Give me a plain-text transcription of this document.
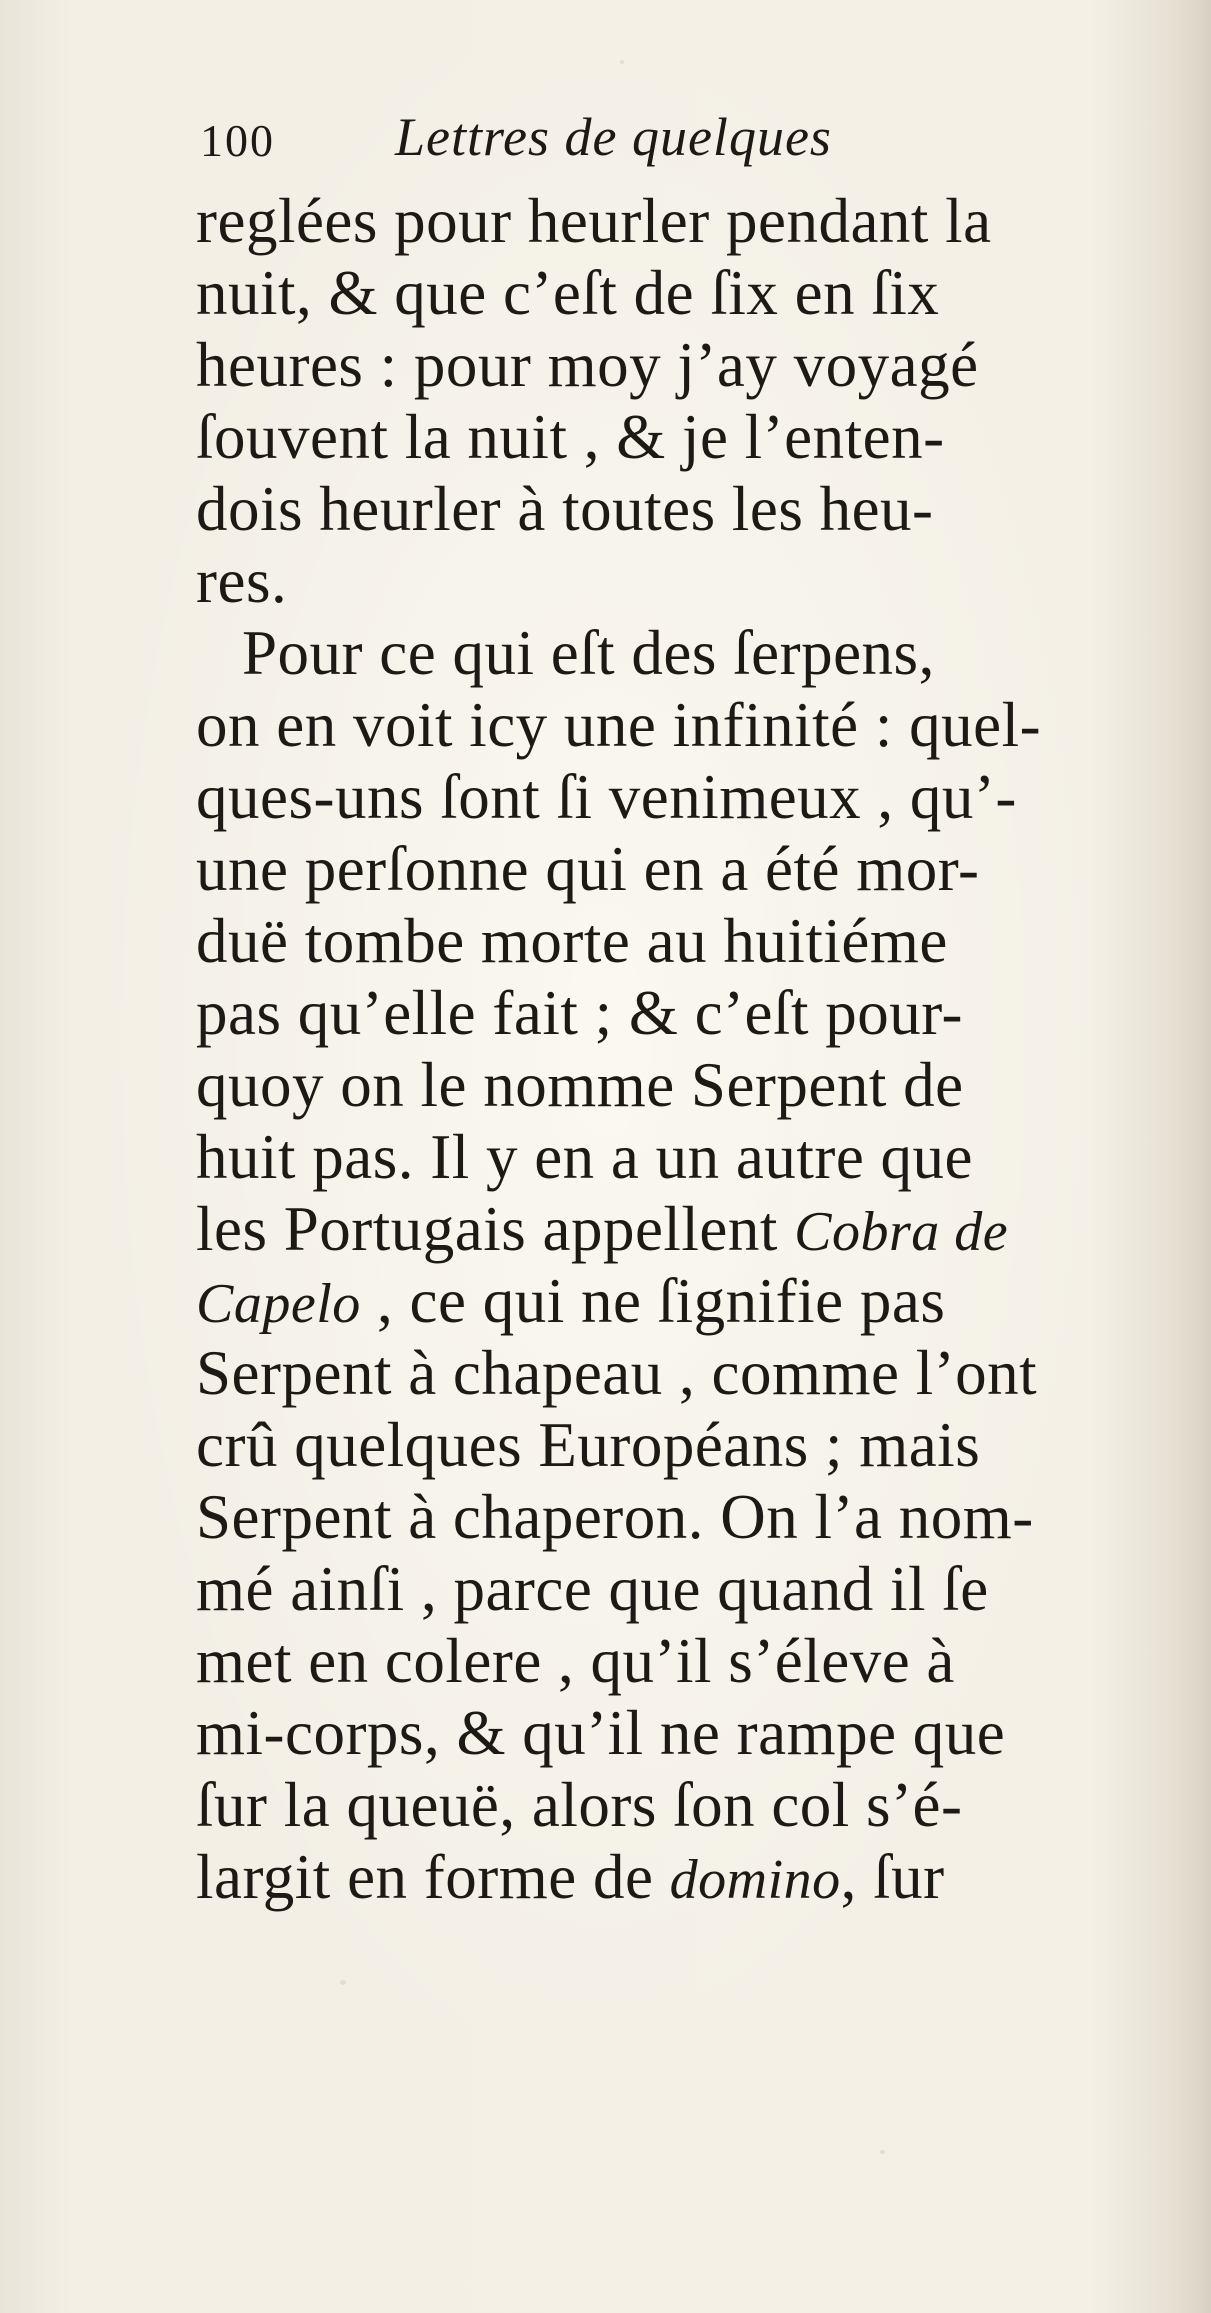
100 Lettres de quelques
reglées pour heurler pendant la
nuit, & que c’eſt de ſix en ſix
heures : pour moy j’ay voyagé
ſouvent la nuit , & je l’enten-
dois heurler à toutes les heu-
res.
Pour ce qui eſt des ſerpens,
on en voit icy une infinité : quel-
ques-uns ſont ſi venimeux , qu’-
une perſonne qui en a été mor-
duë tombe morte au huitiéme
pas qu’elle fait ; & c’eſt pour-
quoy on le nomme Serpent de
huit pas. Il y en a un autre que
les Portugais appellent Cobra de
Capelo , ce qui ne ſignifie pas
Serpent à chapeau , comme l’ont
crû quelques Européans ; mais
Serpent à chaperon. On l’a nom-
mé ainſi , parce que quand il ſe
met en colere , qu’il s’éleve à
mi-corps, & qu’il ne rampe que
ſur la queuë, alors ſon col s’é-
largit en forme de domino, ſur
